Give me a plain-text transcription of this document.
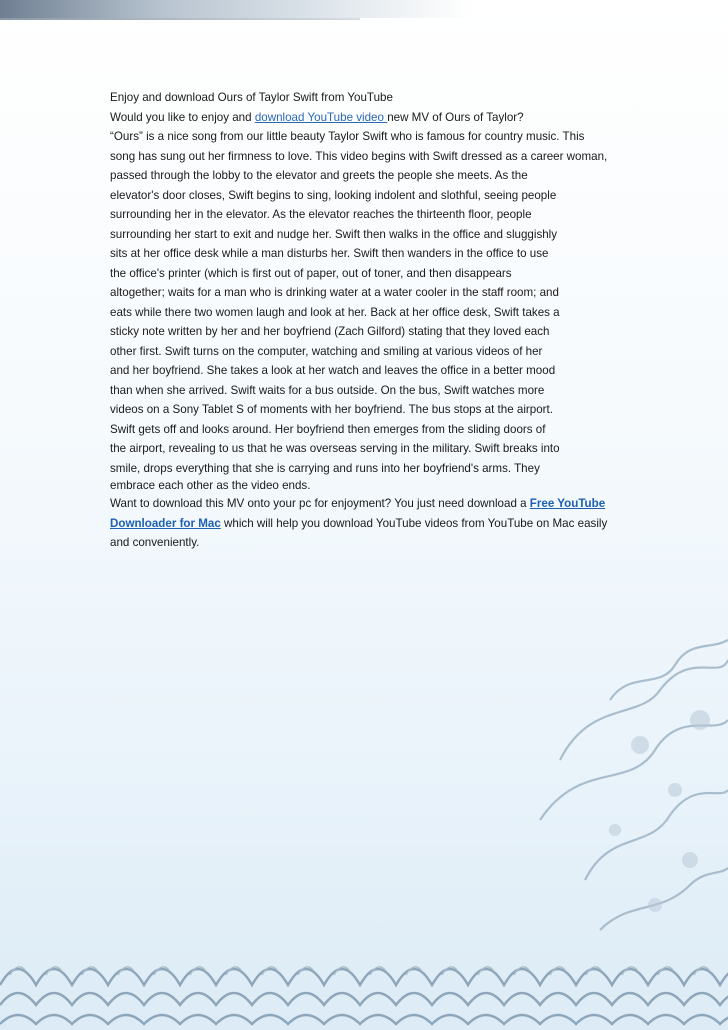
Enjoy and download Ours of Taylor Swift from YouTube

Would you like to enjoy and download YouTube video new MV of Ours of Taylor?

“Ours” is a nice song from our little beauty Taylor Swift who is famous for country music. This

song has sung out her firmness to love. This video begins with Swift dressed as a career woman,

passed through the lobby to the elevator and greets the people she meets. As the

elevator's door closes, Swift begins to sing, looking indolent and slothful, seeing people

surrounding her in the elevator. As the elevator reaches the thirteenth floor, people

surrounding her start to exit and nudge her. Swift then walks in the office and sluggishly

sits at her office desk while a man disturbs her. Swift then wanders in the office to use

the office's printer (which is first out of paper, out of toner, and then disappears

altogether; waits for a man who is drinking water at a water cooler in the staff room; and

eats while there two women laugh and look at her. Back at her office desk, Swift takes a

sticky note written by her and her boyfriend (Zach Gilford) stating that they loved each

other first. Swift turns on the computer, watching and smiling at various videos of her

and her boyfriend. She takes a look at her watch and leaves the office in a better mood

than when she arrived. Swift waits for a bus outside. On the bus, Swift watches more

videos on a Sony Tablet S of moments with her boyfriend. The bus stops at the airport.

Swift gets off and looks around. Her boyfriend then emerges from the sliding doors of

the airport, revealing to us that he was overseas serving in the military. Swift breaks into

smile, drops everything that she is carrying and runs into her boyfriend's arms. They

embrace each other as the video ends.

Want to download this MV onto your pc for enjoyment? You just need download a Free YouTube Downloader for Mac which will help you download YouTube videos from YouTube on Mac easily and conveniently.
